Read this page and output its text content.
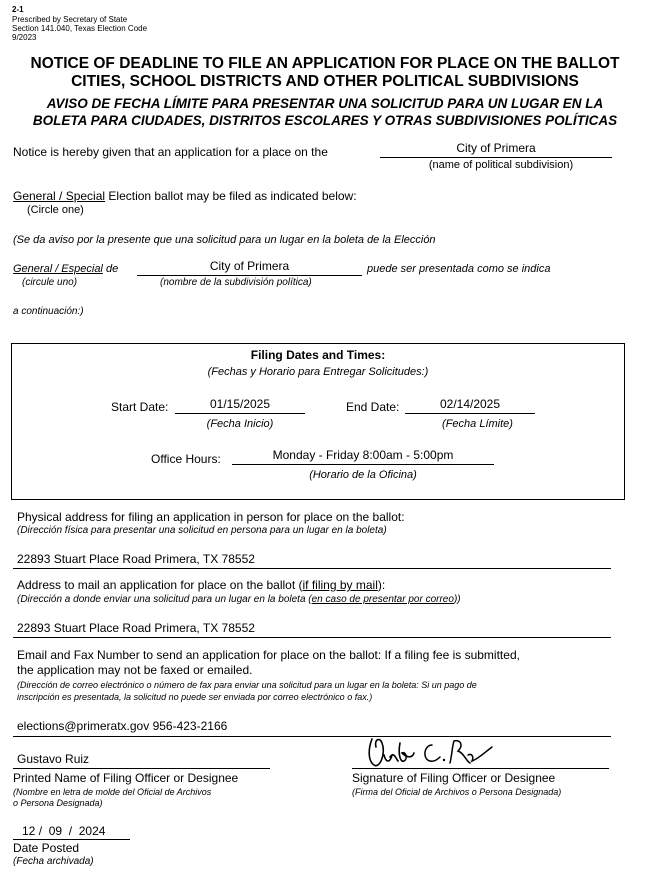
2-1
Prescribed by Secretary of State
Section 141.040, Texas Election Code
9/2023
NOTICE OF DEADLINE TO FILE AN APPLICATION FOR PLACE ON THE BALLOT
CITIES, SCHOOL DISTRICTS AND OTHER POLITICAL SUBDIVISIONS
AVISO DE FECHA LÍMITE PARA PRESENTAR UNA SOLICITUD PARA UN LUGAR EN LA
BOLETA PARA CIUDADES, DISTRITOS ESCOLARES Y OTRAS SUBDIVISIONES POLÍTICAS
Notice is hereby given that an application for a place on the	City of Primera
(name of political subdivision)
General / Special Election ballot may be filed as indicated below:
(Circle one)
(Se da aviso por la presente que una solicitud para un lugar en la boleta de la Elección
General / Especial de	City of Primera	puede ser presentada como se indica
(circule uno)	(nombre de la subdivisión política)
a continuación:)
Filing Dates and Times:
(Fechas y Horario para Entregar Solicitudes:)
Start Date:	01/15/2025
(Fecha Inicio)
End Date:	02/14/2025
(Fecha Límite)
Office Hours:	Monday - Friday 8:00am - 5:00pm
(Horario de la Oficina)
Physical address for filing an application in person for place on the ballot:
(Dirección física para presentar una solicitud en persona para un lugar en la boleta)
22893 Stuart Place Road Primera, TX 78552
Address to mail an application for place on the ballot (if filing by mail):
(Dirección a donde enviar una solicitud para un lugar en la boleta (en caso de presentar por correo))
22893 Stuart Place Road Primera, TX 78552
Email and Fax Number to send an application for place on the ballot: If a filing fee is submitted,
the application may not be faxed or emailed.
(Dirección de correo electrónico o número de fax para enviar una solicitud para un lugar en la boleta: Si un pago de
inscripción es presentada, la solicitud no puede ser enviada por correo electrónico o fax.)
elections@primeratx.gov 956-423-2166
Gustavo Ruiz
Printed Name of Filing Officer or Designee
(Nombre en letra de molde del Oficial de Archivos
o Persona Designada)
Signature of Filing Officer or Designee
(Firma del Oficial de Archivos o Persona Designada)
12 /  09  /  2024
Date Posted
(Fecha archivada)
